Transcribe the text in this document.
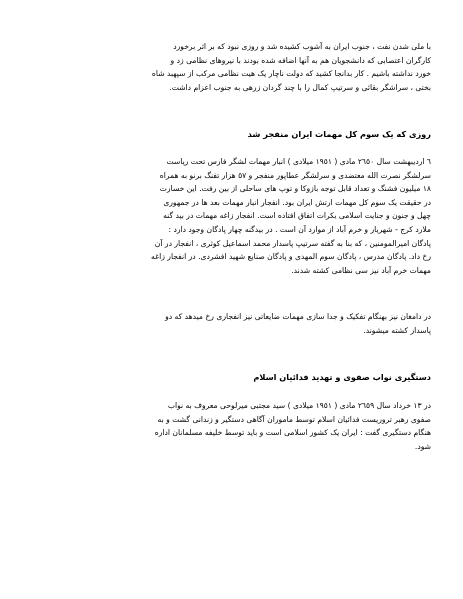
با ملی شدن نفت ، جنوب ایران به آشوب کشیده شد و روزی نبود که بر اثر برخورد
کارگران اعتصابی که دانشجویان هم به آنها اضافه شده بودند با نیروهای نظامی زد و
خورد نداشته باشیم . کار بدانجا کشید که دولت ناچار یک هیت نظامی مرکب از سپهبد شاه
بختی ، سراشگر بقائی و سرتیپ کمال را با چند گردان زرهی به جنوب اعزام داشت.
روزی که یک سوم کل مهمات ایران منفجر شد
٦ اردیبهشت سال ٢٦٥٠ مادی ( ١٩٥١ میلادی ) انبار مهمات لشگر فارس تحت ریاست
سرلشگر نصرت الله معتضدی و سرلشگر عطاپور منفجر و ٥٧ هزار تفنگ برنو به همراه
١٨ میلیون فشنگ و تعداد قابل توجه بازوکا و توپ های ساحلی از بین رفت. این خسارت
در حقیقت یک سوم کل مهمات ارتش ایران بود. انفجار انبار مهمات بعد ها در جمهوری
چهل و جنون و جنایت اسلامی بکرات اتفاق افتاده است. انفجار زاغه مهمات در بید گنه
ملارد کرج - شهریار و خرم آباد از موارد آن است . در بیدگنه چهار پادگان وجود دارد :
پادگان امیرالمومنین ، که بنا به گفته سرتیپ پاسدار محمد اسماعیل کوثری ، انفجار در آن
رخ داد. پادگان مدرس ، پادگان سوم المهدی و پادگان صنایع شهید افشردی. در انفجار زاغه
مهمات خرم آباد نیز سی نظامی کشته شدند.
در دامغان نیز بهنگام تفکیک و جدا سازی مهمات ضایعاتی نیز انفجاری رخ میدهد که دو
پاسدار کشته میشوند.
دستگیری نواب صفوی و تهدید فدائیان اسلام
در ١٣ خرداد سال ٢٦٥٩ مادی ( ١٩٥١ میلادی ) سید مجتبی میرلوحی معروف به نواب
صفوی رهبر تروریست فدائیان اسلام توسط ماموران آگاهی دستگیر و زندانی گشت و به
هنگام دستگیری گفت : ایران یک کشور اسلامی است و باید توسط خلیفه مسلمانان اداره
شود.
